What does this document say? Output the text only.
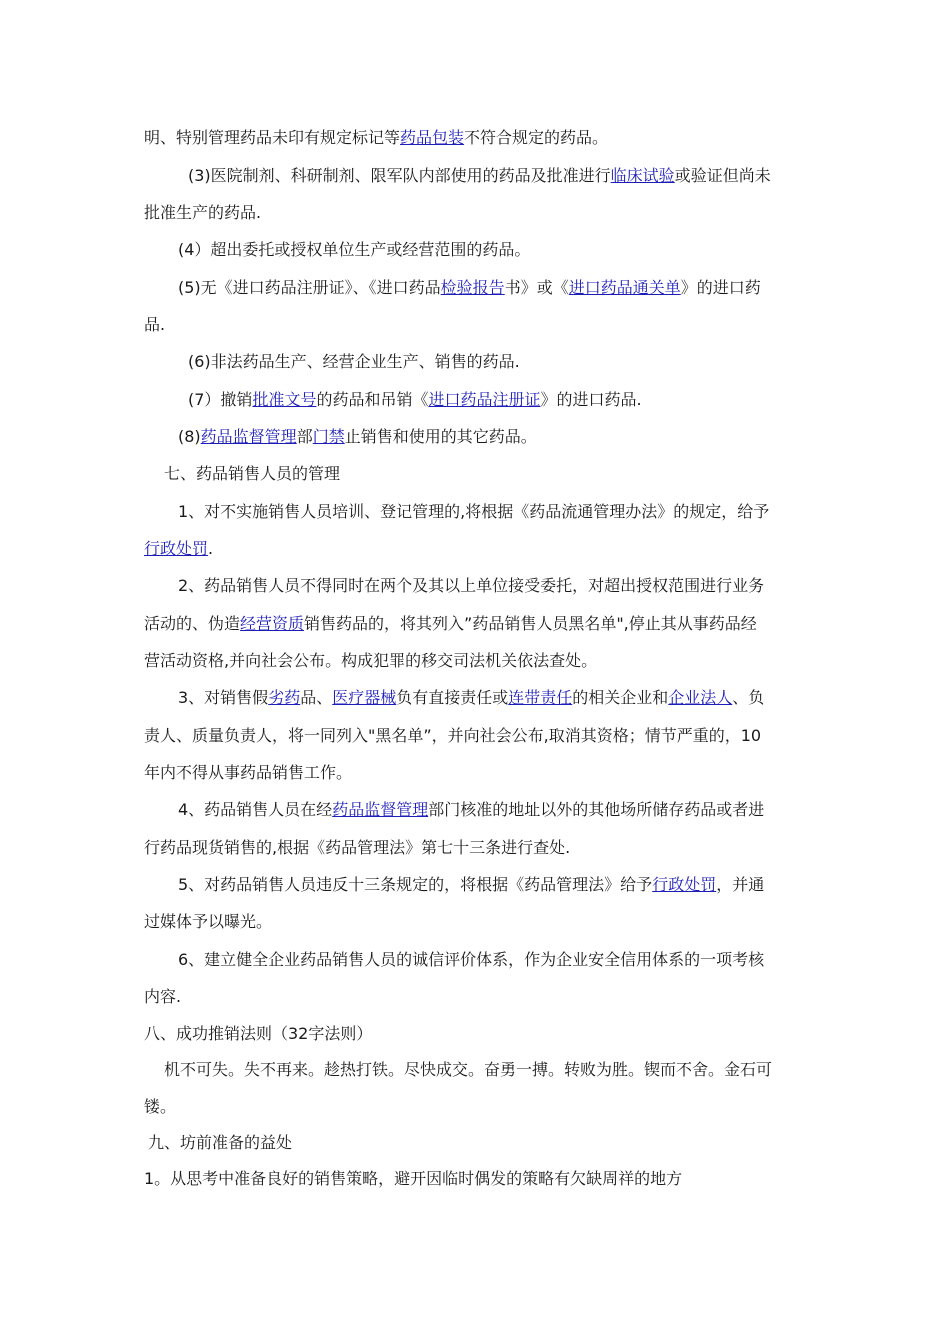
明、特别管理药品未印有规定标记等药品包装不符合规定的药品。
(3)医院制剂、科研制剂、限军队内部使用的药品及批准进行临床试验或验证但尚未
批准生产的药品.
(4）超出委托或授权单位生产或经营范围的药品。
(5)无《进口药品注册证》、《进口药品检验报告书》或《进口药品通关单》的进口药
品.
(6)非法药品生产、经营企业生产、销售的药品.
(7）撤销批准文号的药品和吊销《进口药品注册证》的进口药品.
(8)药品监督管理部门禁止销售和使用的其它药品。
七、药品销售人员的管理
1、对不实施销售人员培训、登记管理的,将根据《药品流通管理办法》的规定，给予
行政处罚.
2、药品销售人员不得同时在两个及其以上单位接受委托，对超出授权范围进行业务
活动的、伪造经营资质销售药品的，将其列入”药品销售人员黑名单",停止其从事药品经
营活动资格,并向社会公布。构成犯罪的移交司法机关依法查处。
3、对销售假劣药品、医疗器械负有直接责任或连带责任的相关企业和企业法人、负
责人、质量负责人，将一同列入"黑名单”，并向社会公布,取消其资格；情节严重的，10
年内不得从事药品销售工作。
4、药品销售人员在经药品监督管理部门核准的地址以外的其他场所储存药品或者进
行药品现货销售的,根据《药品管理法》第七十三条进行查处.
5、对药品销售人员违反十三条规定的，将根据《药品管理法》给予行政处罚，并通
过媒体予以曝光。
6、建立健全企业药品销售人员的诚信评价体系，作为企业安全信用体系的一项考核
内容.
八、成功推销法则（32字法则）
机不可失。失不再来。趁热打铁。尽快成交。奋勇一搏。转败为胜。锲而不舍。金石可
镂。
九、坊前准备的益处
1。从思考中准备良好的销售策略，避开因临时偶发的策略有欠缺周祥的地方
